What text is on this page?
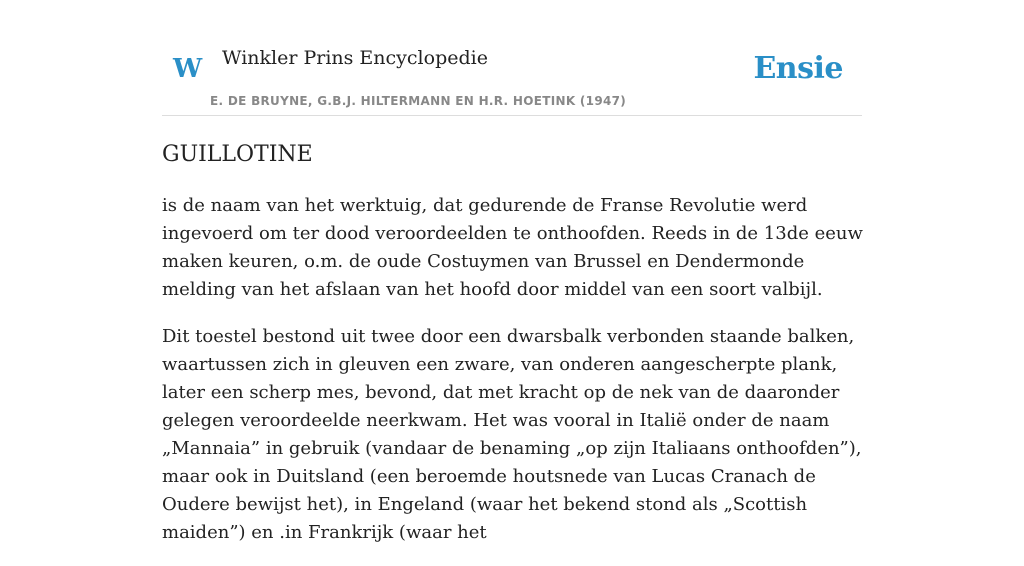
W Winkler Prins Encyclopedie
E. DE BRUYNE, G.B.J. HILTERMANN EN H.R. HOETINK (1947)
Ensie
GUILLOTINE

is de naam van het werktuig, dat gedurende de Franse Revolutie werd ingevoerd om ter dood veroordeelden te onthoofden. Reeds in de 13de eeuw maken keuren, o.m. de oude Costuymen van Brussel en Dendermonde melding van het afslaan van het hoofd door middel van een soort valbijl.

Dit toestel bestond uit twee door een dwarsbalk verbonden staande balken, waartussen zich in gleuven een zware, van onderen aangescherpte plank, later een scherp mes, bevond, dat met kracht op de nek van de daaronder gelegen veroordeelde neerkwam. Het was vooral in Italië onder de naam „Mannaia” in gebruik (vandaar de benaming „op zijn Italiaans onthoofden”), maar ook in Duitsland (een beroemde houtsnede van Lucas Cranach de Oudere bewijst het), in Engeland (waar het bekend stond als „Scottish maiden”) en .in Frankrijk (waar het
